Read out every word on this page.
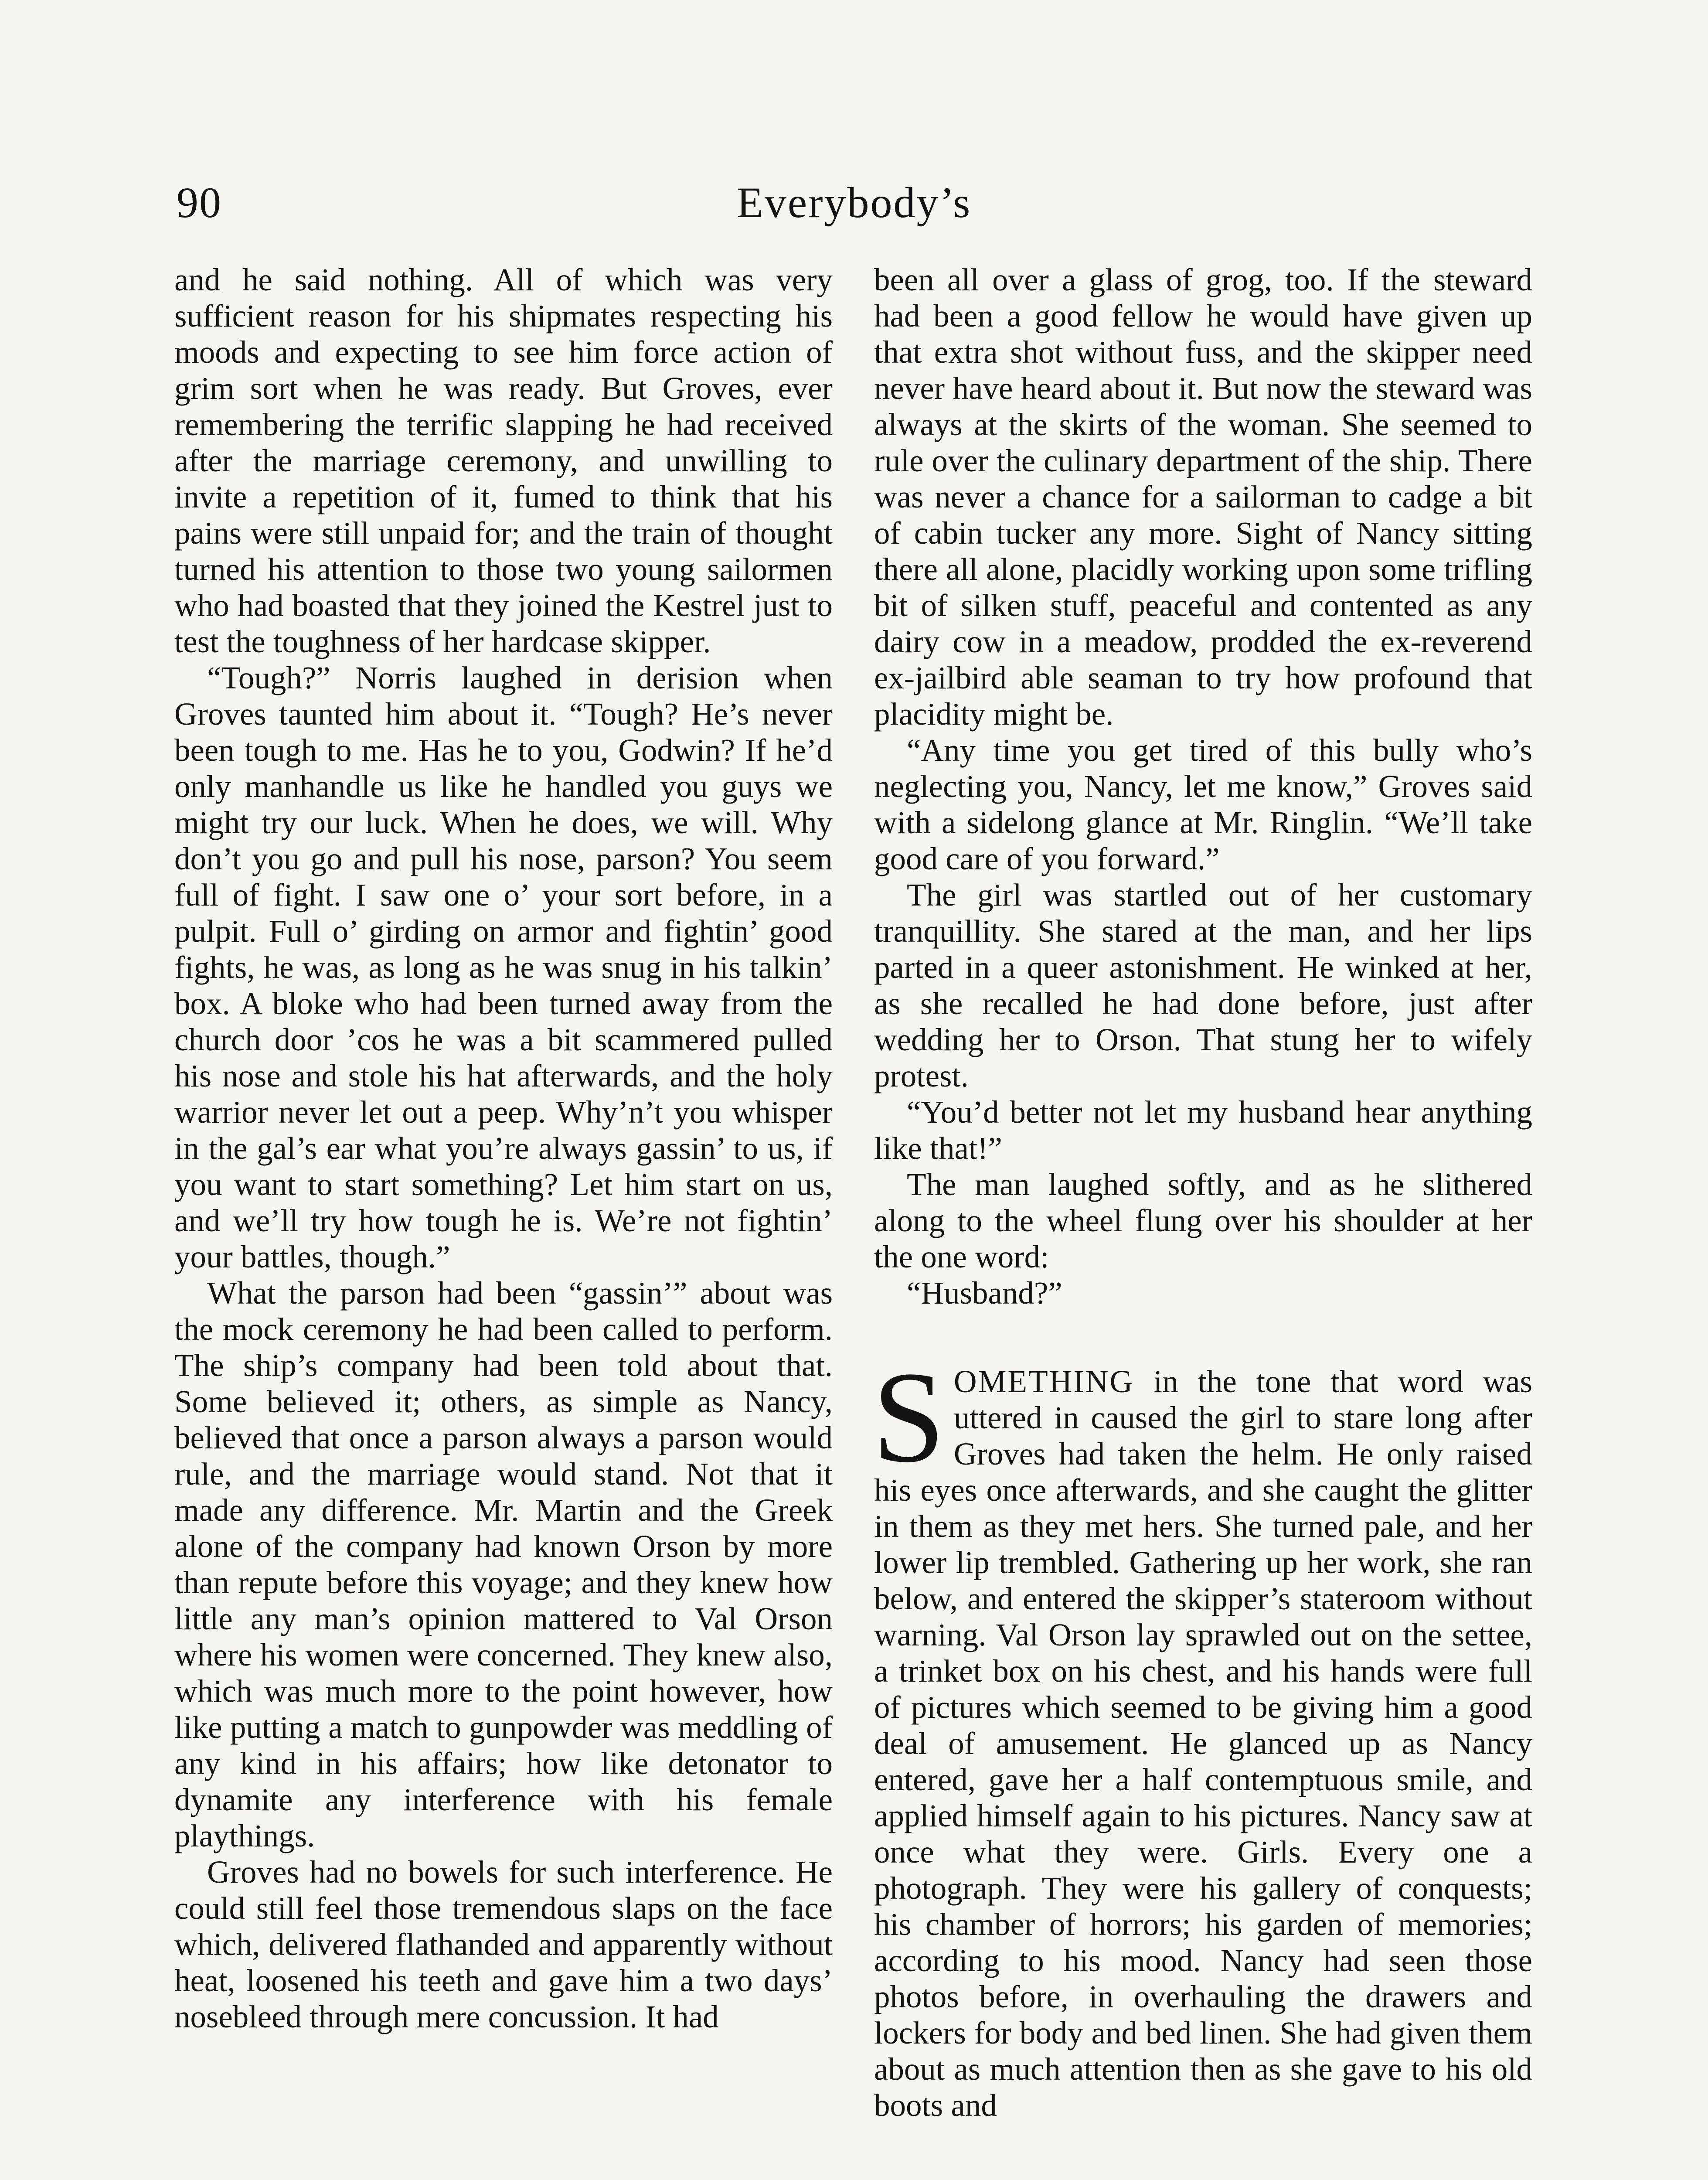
90	Everybody’s

and he said nothing. All of which was very sufficient reason for his shipmates respecting his moods and expecting to see him force action of grim sort when he was ready. But Groves, ever remembering the terrific slapping he had received after the marriage ceremony, and unwilling to invite a repetition of it, fumed to think that his pains were still unpaid for; and the train of thought turned his attention to those two young sailormen who had boasted that they joined the Kestrel just to test the toughness of her hardcase skipper.

“Tough?” Norris laughed in derision when Groves taunted him about it. “Tough? He’s never been tough to me. Has he to you, Godwin? If he’d only manhandle us like he handled you guys we might try our luck. When he does, we will. Why don’t you go and pull his nose, parson? You seem full of fight. I saw one o’ your sort before, in a pulpit. Full o’ girding on armor and fightin’ good fights, he was, as long as he was snug in his talkin’ box. A bloke who had been turned away from the church door ’cos he was a bit scammered pulled his nose and stole his hat afterwards, and the holy warrior never let out a peep. Why’n’t you whisper in the gal’s ear what you’re always gassin’ to us, if you want to start something? Let him start on us, and we’ll try how tough he is. We’re not fightin’ your battles, though.”

What the parson had been “gassin’” about was the mock ceremony he had been called to perform. The ship’s company had been told about that. Some believed it; others, as simple as Nancy, believed that once a parson always a parson would rule, and the marriage would stand. Not that it made any difference. Mr. Martin and the Greek alone of the company had known Orson by more than repute before this voyage; and they knew how little any man’s opinion mattered to Val Orson where his women were concerned. They knew also, which was much more to the point however, how like putting a match to gunpowder was meddling of any kind in his affairs; how like detonator to dynamite any interference with his female playthings.

Groves had no bowels for such interference. He could still feel those tremendous slaps on the face which, delivered flathanded and apparently without heat, loosened his teeth and gave him a two days’ nosebleed through mere concussion. It had

been all over a glass of grog, too. If the steward had been a good fellow he would have given up that extra shot without fuss, and the skipper need never have heard about it. But now the steward was always at the skirts of the woman. She seemed to rule over the culinary department of the ship. There was never a chance for a sailorman to cadge a bit of cabin tucker any more. Sight of Nancy sitting there all alone, placidly working upon some trifling bit of silken stuff, peaceful and contented as any dairy cow in a meadow, prodded the ex-reverend ex-jailbird able seaman to try how profound that placidity might be.

“Any time you get tired of this bully who’s neglecting you, Nancy, let me know,” Groves said with a sidelong glance at Mr. Ringlin. “We’ll take good care of you forward.”

The girl was startled out of her customary tranquillity. She stared at the man, and her lips parted in a queer astonishment. He winked at her, as she recalled he had done before, just after wedding her to Orson. That stung her to wifely protest.

“You’d better not let my husband hear anything like that!”

The man laughed softly, and as he slithered along to the wheel flung over his shoulder at her the one word:

“Husband?”

SOMETHING in the tone that word was uttered in caused the girl to stare long after Groves had taken the helm. He only raised his eyes once afterwards, and she caught the glitter in them as they met hers. She turned pale, and her lower lip trembled. Gathering up her work, she ran below, and entered the skipper’s stateroom without warning. Val Orson lay sprawled out on the settee, a trinket box on his chest, and his hands were full of pictures which seemed to be giving him a good deal of amusement. He glanced up as Nancy entered, gave her a half contemptuous smile, and applied himself again to his pictures. Nancy saw at once what they were. Girls. Every one a photograph. They were his gallery of conquests; his chamber of horrors; his garden of memories; according to his mood. Nancy had seen those photos before, in overhauling the drawers and lockers for body and bed linen. She had given them about as much attention then as she gave to his old boots and
